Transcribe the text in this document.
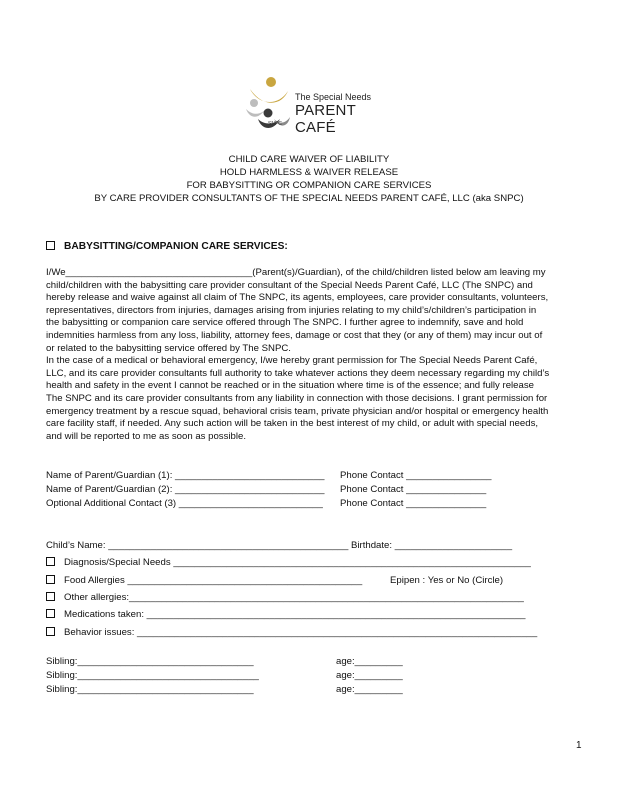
The Special Needs
PARENT CAFÉ
SNPC
CHILD CARE WAIVER OF LIABILITY
HOLD HARMLESS & WAIVER RELEASE
FOR BABYSITTING OR COMPANION CARE SERVICES
BY CARE PROVIDER CONSULTANTS OF THE SPECIAL NEEDS PARENT CAFÉ, LLC (aka SNPC)
BABYSITTING/COMPANION CARE SERVICES:

I/We___________________________________(Parent(s)/Guardian), of the child/children listed below am leaving my

child/children with the babysitting care provider consultant of the Special Needs Parent Café, LLC (The SNPC) and

hereby release and waive against all claim of The SNPC, its agents, employees, care provider consultants, volunteers,

representatives, directors from injuries, damages arising from injuries relating to my child’s/children’s participation in

the babysitting or companion care service offered through The SNPC. I further agree to indemnify, save and hold

indemnities harmless from any loss, liability, attorney fees, damage or cost that they (or any of them) may incur out of

or related to the babysitting service offered by The SNPC.

In the case of a medical or behavioral emergency, I/we hereby grant permission for The Special Needs Parent Café,

LLC, and its care provider consultants full authority to take whatever actions they deem necessary regarding my child’s

health and safety in the event I cannot be reached or in the situation where time is of the essence; and fully release

The SNPC and its care provider consultants from any liability in connection with those decisions. I grant permission for

emergency treatment by a rescue squad, behavioral crisis team, private physician and/or hospital or emergency health

care facility staff, if needed. Any such action will be taken in the best interest of my child, or adult with special needs,

and will be reported to me as soon as possible.

Name of Parent/Guardian (1): ____________________________ Phone Contact ________________
Name of Parent/Guardian (2): ____________________________ Phone Contact _______________
Optional Additional Contact (3) ___________________________ Phone Contact _______________
Child’s Name: _____________________________________________ Birthdate: ______________________
Diagnosis/Special Needs ___________________________________________________________________
Food Allergies ____________________________________________	Epipen : Yes or No (Circle)
Other allergies:__________________________________________________________________________
Medications taken: _______________________________________________________________________
Behavior issues: ___________________________________________________________________________
Sibling:_________________________________	age:_________
Sibling:__________________________________	age:_________
Sibling:_________________________________	age:_________
1
